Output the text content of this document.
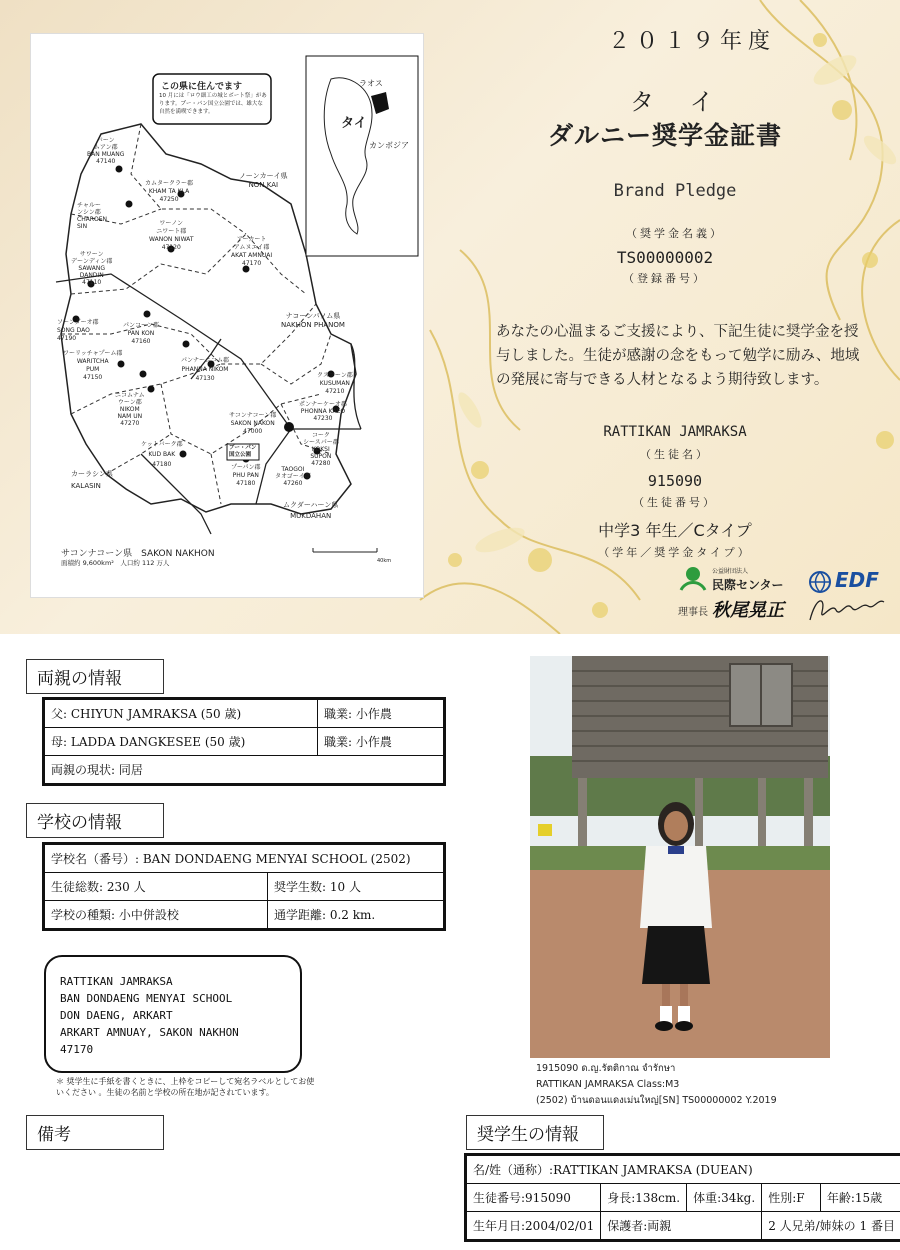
この県に住んでます
10 月には「ロウ細工の城とボート祭」があります。プー・パン国立公園では、雄大な自然を満喫できます。
ラオス
タイ
カンボジア
バーン
ムアン郡
BAN MUANG
47140
カムタークラー郡
KHAM TA KLA
47250
ノーンカーイ県
NON KAI
チャルー
ンシン郡
CHAROEN
SIN	ワーノン
ニワート郡
WANON NIWAT
47120
アーカート
アムヌエイ郡
AKAT AMNUAI
47170
サワーン
デーンディン郡
SAWANG
DANDIN
47110
ソーンダーオ郡
SONG DAO
47190
パンコーン郡
PAN KON
47160
ナコーンパノム県
NAKHON PHANOM
ワーリッチャプーム郡
WARITCHA
PUM
47150
パンナーニコム郡
PHANNA NIKOM
47130
ニコムナム
ウーン郡
NIKOM
NAM UN
47270
クスマーン郡
KUSUMAN
47210
ポンナーケーオ郡
PHONNA KAEO
47230
サコンナコーン郡
SAKON NAKON
47000
コーク
シースパー郡
KOKSI
SUPON
47280
ケットバーク郡
KUD BAK
47180
プー・パン
国立公園
プーパン郡
PHU PAN
47180
TAOGOI
タオゴーイ郡
47260
カーラシン県
KALASIN
ムクダーハーン県
MUKDAHAN
サコンナコーン県　SAKON NAKHON
面積約 9,600km²　人口約 112 万人	40km
２０１９年度
タ イ
ダルニー奨学金証書
Brand Pledge
（奨学金名義）
TS00000002
（登録番号）
あなたの心温まるご支援により、下記生徒に奨学金を授与しました。生徒が感謝の念をもって勉学に励み、地域の発展に寄与できる人材となるよう期待致します。
RATTIKAN JAMRAKSA
（生徒名）
915090
（生徒番号）
中学3 年生／Cタイプ
（学年／奨学金タイプ）
公益財団法人
民際センター	EDF
理事長 秋尾晃正
両親の情報
父: CHIYUN JAMRAKSA (50 歳)	職業: 小作農
母: LADDA DANGKESEE (50 歳)	職業: 小作農
両親の現状: 同居	
学校の情報
学校名（番号）: BAN DONDAENG MENYAI SCHOOL (2502)	
生徒総数: 230 人	奨学生数: 10 人
学校の種類: 小中併設校	通学距離: 0.2 km.
RATTIKAN JAMRAKSA
BAN DONDAENG MENYAI SCHOOL
DON DAENG, ARKART
ARKART AMNUAY, SAKON NAKHON
47170
＊ 奨学生に手紙を書くときに、上枠をコピーして宛名ラベルとしてお使いください 。生徒の名前と学校の所在地が記されています。
備考
1915090 ด.ญ.รัตติกาณ จำรักษา
RATTIKAN JAMRAKSA Class:M3
(2502) บ้านดอนแดงเม่นใหญ่[SN] TS00000002 Y.2019
奨学生の情報
名/姓（通称）:RATTIKAN JAMRAKSA (DUEAN)				
生徒番号:915090	身長:138cm.	体重:34kg.	性別:F	年齢:15歳
生年月日:2004/02/01	保護者:両親		2 人兄弟/姉妹の 1 番目	
